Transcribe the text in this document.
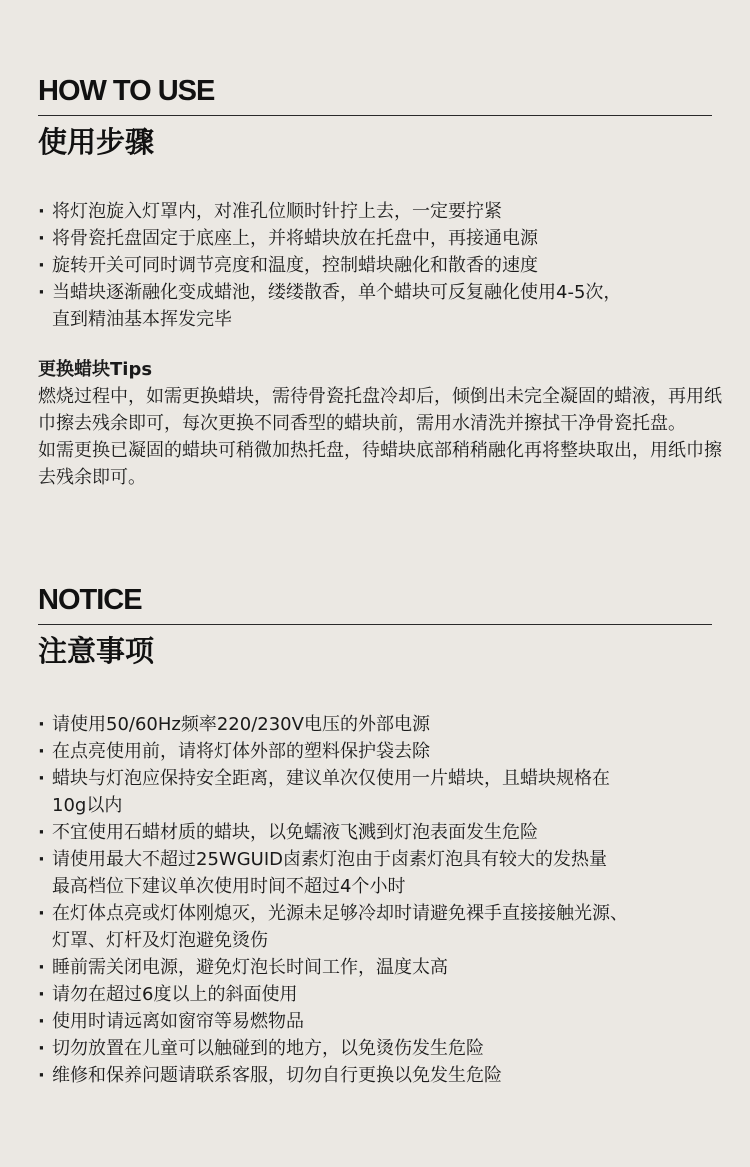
HOW TO USE
使用步骤
· 将灯泡旋入灯罩内，对准孔位顺时针拧上去，一定要拧紧
· 将骨瓷托盘固定于底座上，并将蜡块放在托盘中，再接通电源
· 旋转开关可同时调节亮度和温度，控制蜡块融化和散香的速度
· 当蜡块逐渐融化变成蜡池，缕缕散香，单个蜡块可反复融化使用4-5次，
直到精油基本挥发完毕
更换蜡块Tips

燃烧过程中，如需更换蜡块，需待骨瓷托盘冷却后，倾倒出未完全凝固的蜡液，再用纸巾擦去残余即可，每次更换不同香型的蜡块前，需用水清洗并擦拭干净骨瓷托盘。

如需更换已凝固的蜡块可稍微加热托盘，待蜡块底部稍稍融化再将整块取出，用纸巾擦去残余即可。

NOTICE
注意事项
· 请使用50/60Hz频率220/230V电压的外部电源
· 在点亮使用前，请将灯体外部的塑料保护袋去除
· 蜡块与灯泡应保持安全距离，建议单次仅使用一片蜡块，且蜡块规格在
10g以内
· 不宜使用石蜡材质的蜡块，以免蠕液飞溅到灯泡表面发生危险
· 请使用最大不超过25WGUID卤素灯泡由于卤素灯泡具有较大的发热量
最高档位下建议单次使用时间不超过4个小时
· 在灯体点亮或灯体刚熄灭，光源未足够冷却时请避免裸手直接接触光源、
灯罩、灯杆及灯泡避免烫伤
· 睡前需关闭电源，避免灯泡长时间工作，温度太高
· 请勿在超过6度以上的斜面使用
· 使用时请远离如窗帘等易燃物品
· 切勿放置在儿童可以触碰到的地方，以免烫伤发生危险
· 维修和保养问题请联系客服，切勿自行更换以免发生危险
